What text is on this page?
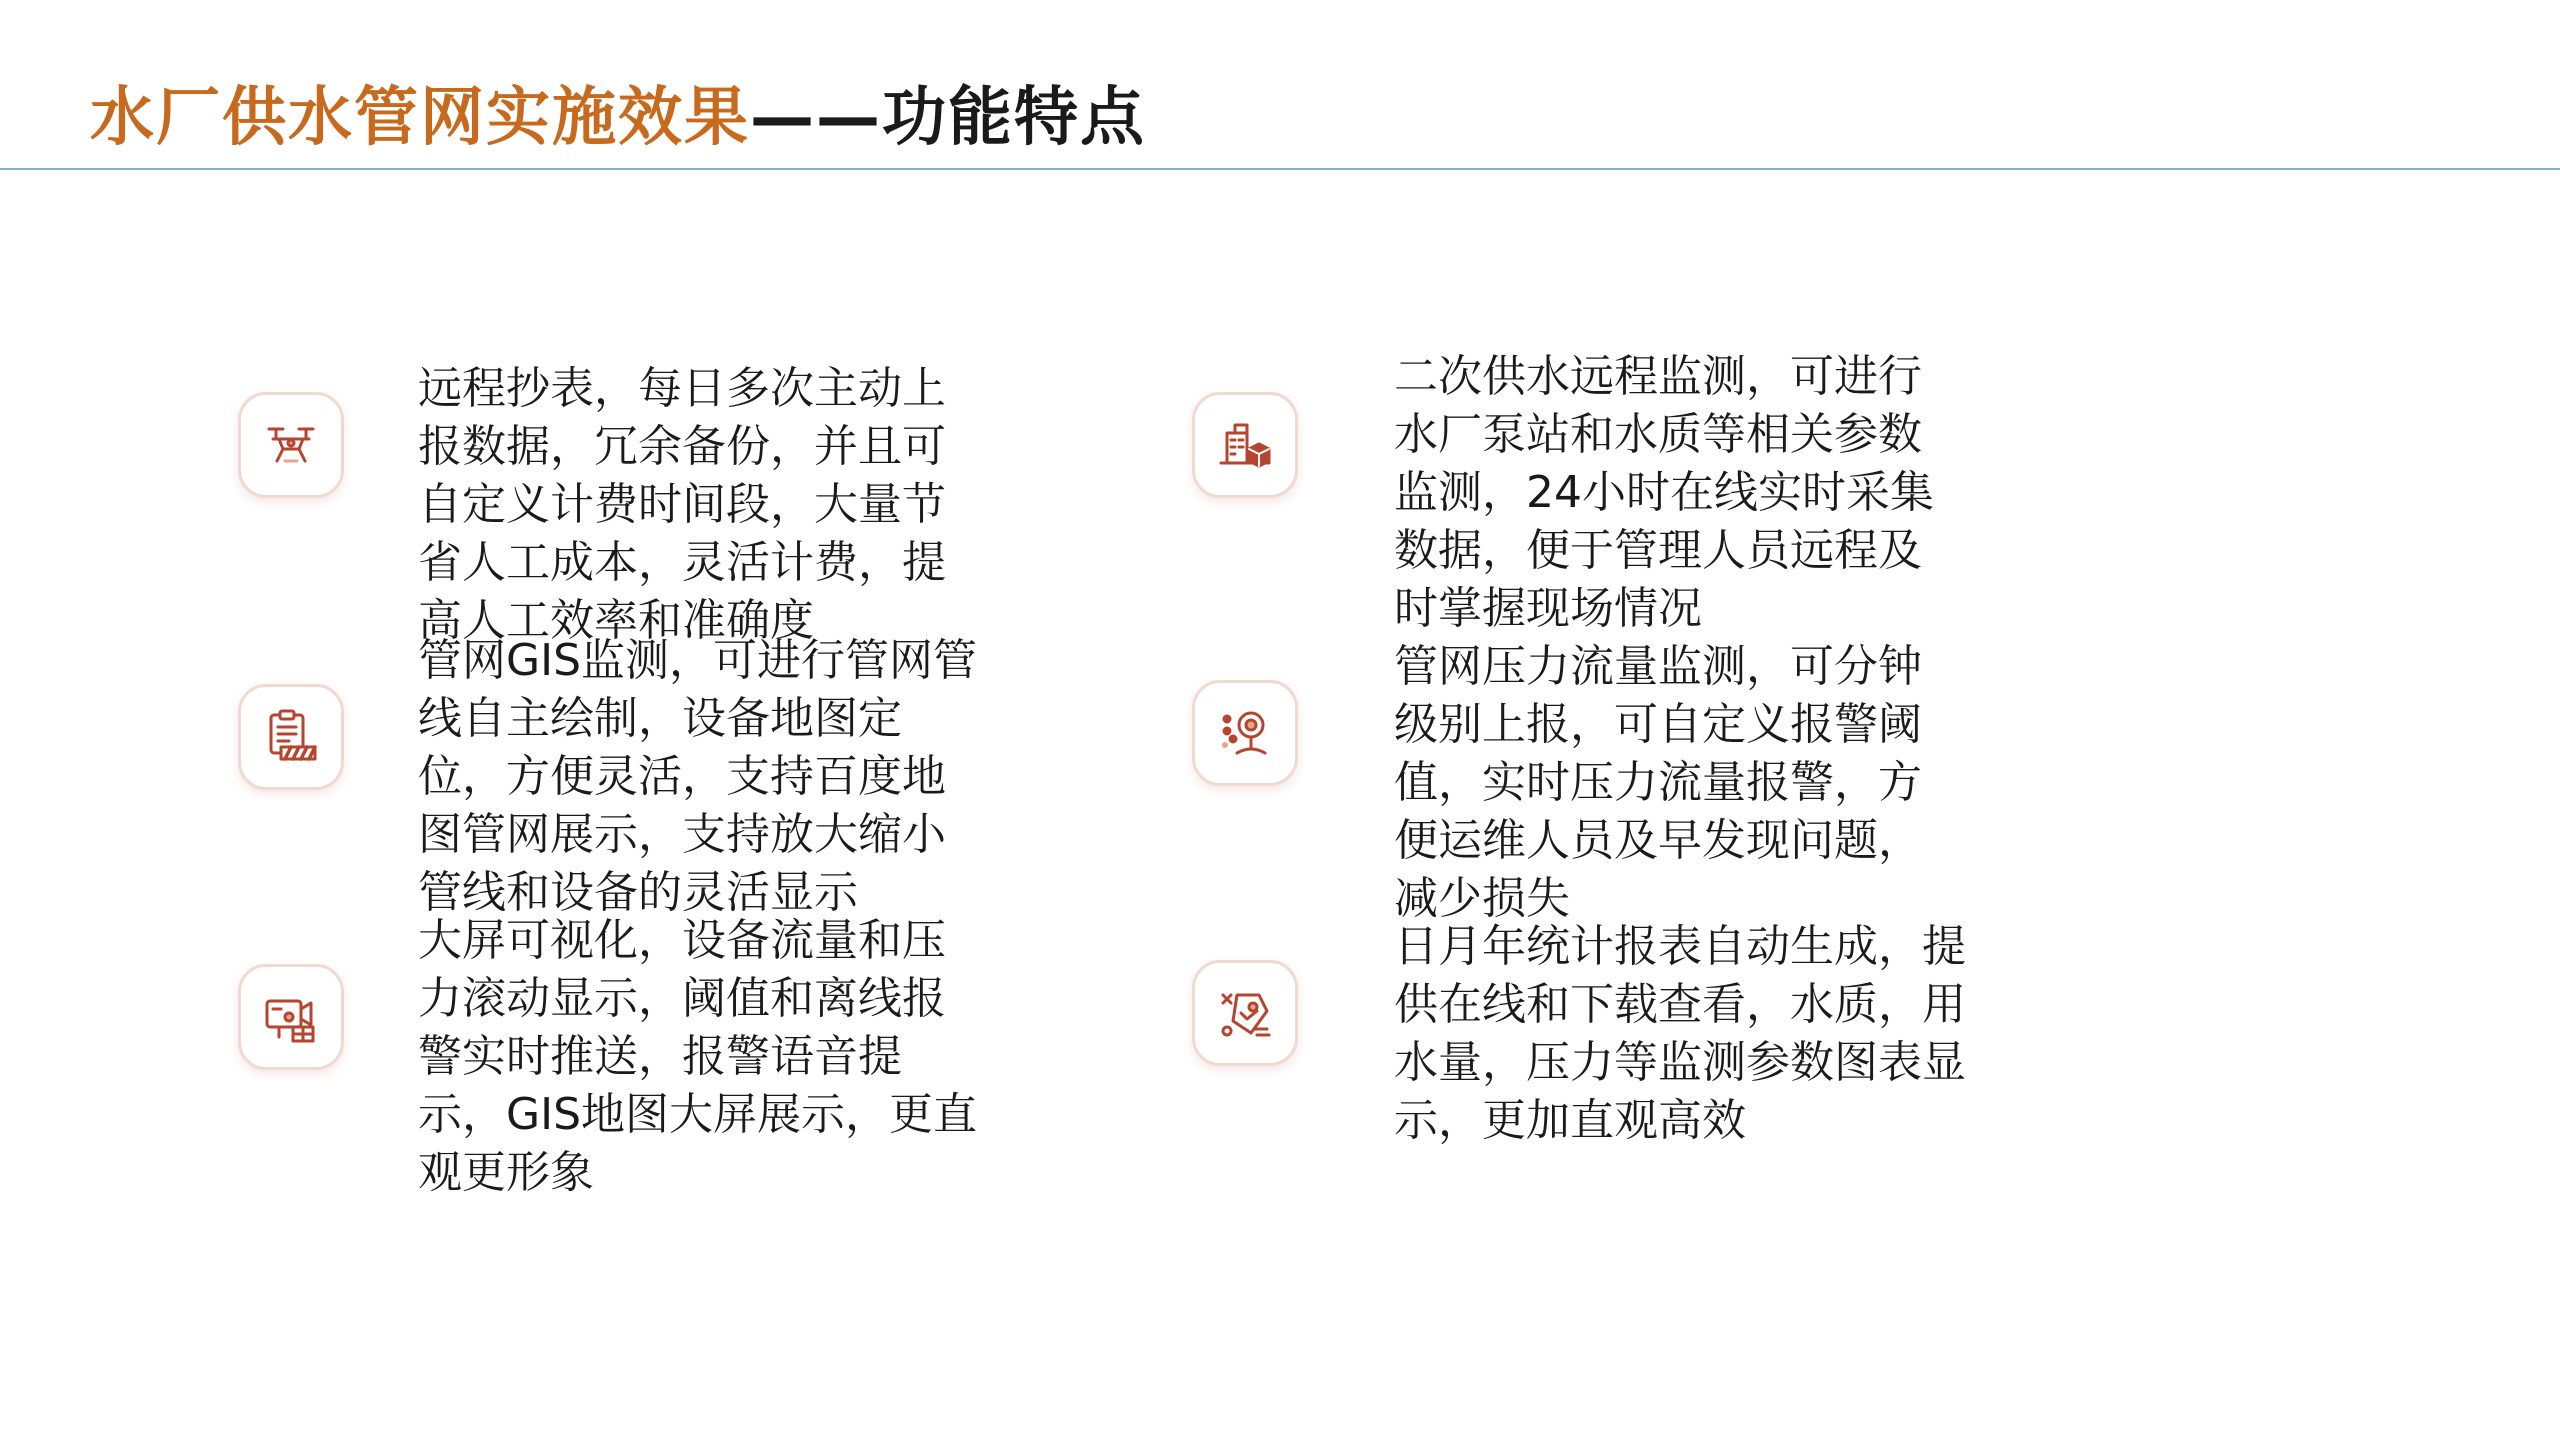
水厂供水管网实施效果——功能特点
远程抄表，每日多次主动上报数据，冗余备份，并且可自定义计费时间段，大量节省人工成本，灵活计费，提高人工效率和准确度
二次供水远程监测，可进行水厂泵站和水质等相关参数监测，24小时在线实时采集数据，便于管理人员远程及时掌握现场情况
管网GIS监测，可进行管网管线自主绘制，设备地图定位，方便灵活，支持百度地图管网展示，支持放大缩小管线和设备的灵活显示
管网压力流量监测，可分钟级别上报，可自定义报警阈值，实时压力流量报警，方便运维人员及早发现问题，减少损失
大屏可视化，设备流量和压力滚动显示，阈值和离线报警实时推送，报警语音提示，GIS地图大屏展示，更直观更形象
日月年统计报表自动生成，提供在线和下载查看，水质，用水量，压力等监测参数图表显示，更加直观高效
